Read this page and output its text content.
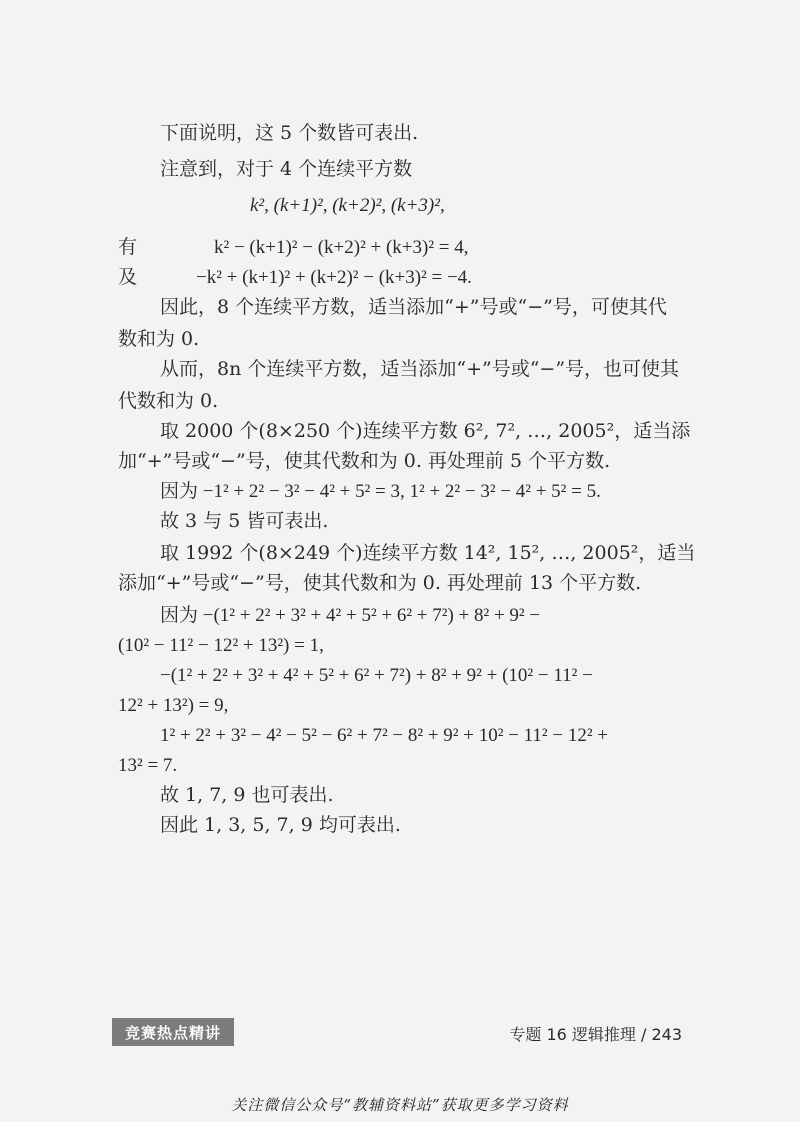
下面说明，这 5 个数皆可表出.
注意到，对于 4 个连续平方数
k², (k+1)², (k+2)², (k+3)²,
有	k² − (k+1)² − (k+2)² + (k+3)² = 4,
及	−k² + (k+1)² + (k+2)² − (k+3)² = −4.
因此，8 个连续平方数，适当添加“+”号或“−”号，可使其代
数和为 0.
从而，8n 个连续平方数，适当添加“+”号或“−”号，也可使其
代数和为 0.
取 2000 个(8×250 个)连续平方数 6², 7², …, 2005²，适当添
加“+”号或“−”号，使其代数和为 0. 再处理前 5 个平方数.
因为 −1² + 2² − 3² − 4² + 5² = 3, 1² + 2² − 3² − 4² + 5² = 5.
故 3 与 5 皆可表出.
取 1992 个(8×249 个)连续平方数 14², 15², …, 2005²，适当
添加“+”号或“−”号，使其代数和为 0. 再处理前 13 个平方数.
因为 −(1² + 2² + 3² + 4² + 5² + 6² + 7²) + 8² + 9² −
(10² − 11² − 12² + 13²) = 1,
−(1² + 2² + 3² + 4² + 5² + 6² + 7²) + 8² + 9² + (10² − 11² −
12² + 13²) = 9,
1² + 2² + 3² − 4² − 5² − 6² + 7² − 8² + 9² + 10² − 11² − 12² +
13² = 7.
故 1, 7, 9 也可表出.
因此 1, 3, 5, 7, 9 均可表出.
竞赛热点精讲	专题 16 逻辑推理 / 243
关注微信公众号“教辅资料站”获取更多学习资料
